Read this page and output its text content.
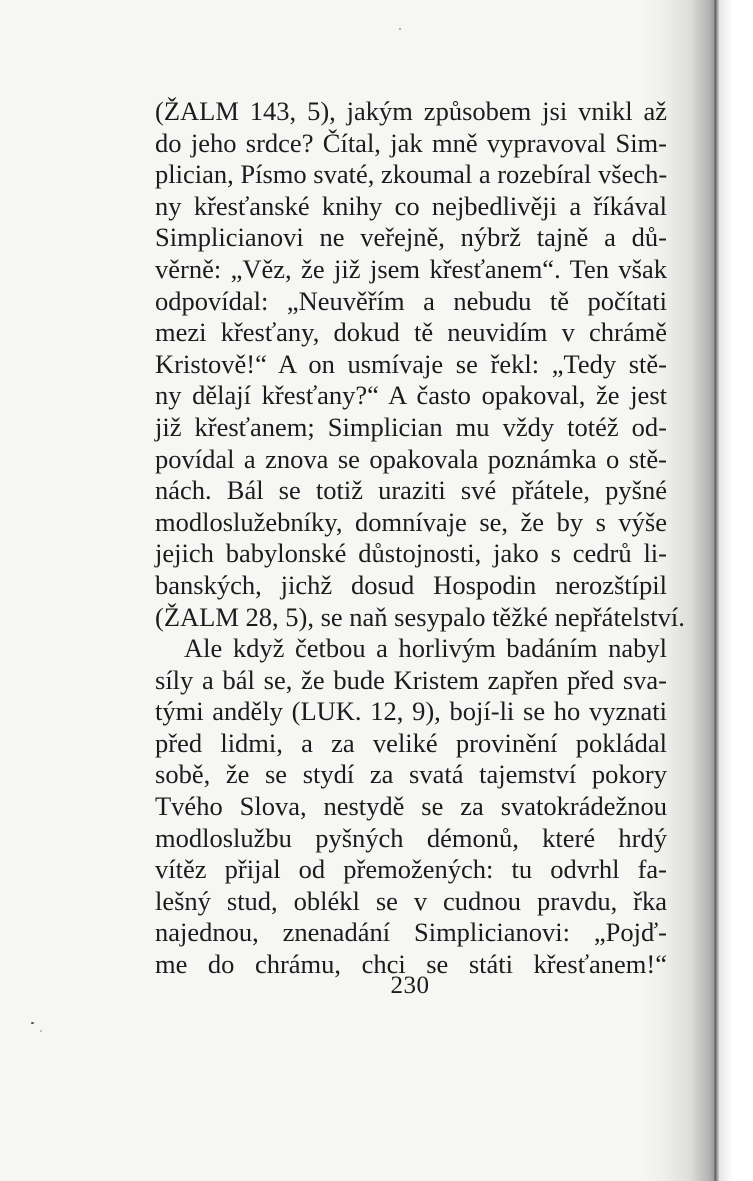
(ŽALM 143, 5), jakým způsobem jsi vnikl až
do jeho srdce? Čítal, jak mně vypravoval Sim-
plician, Písmo svaté, zkoumal a rozebíral všech-
ny křesťanské knihy co nejbedlivěji a říkával
Simplicianovi ne veřejně, nýbrž tajně a dů-
věrně: „Věz, že již jsem křesťanem“. Ten však
odpovídal: „Neuvěřím a nebudu tě počítati
mezi křesťany, dokud tě neuvidím v chrámě
Kristově!“ A on usmívaje se řekl: „Tedy stě-
ny dělají křesťany?“ A často opakoval, že jest
již křesťanem; Simplician mu vždy totéž od-
povídal a znova se opakovala poznámka o stě-
nách. Bál se totiž uraziti své přátele, pyšné
modloslužebníky, domnívaje se, že by s výše
jejich babylonské důstojnosti, jako s cedrů li-
banských, jichž dosud Hospodin nerozštípil
(ŽALM 28, 5), se naň sesypalo těžké nepřátelství.
Ale když četbou a horlivým badáním nabyl
síly a bál se, že bude Kristem zapřen před sva-
tými anděly (LUK. 12, 9), bojí-li se ho vyznati
před lidmi, a za veliké provinění pokládal
sobě, že se stydí za svatá tajemství pokory
Tvého Slova, nestydě se za svatokrádežnou
modloslužbu pyšných démonů, které hrdý
vítěz přijal od přemožených: tu odvrhl fa-
lešný stud, oblékl se v cudnou pravdu, řka
najednou, znenadání Simplicianovi: „Pojď-
me do chrámu, chci se státi křesťanem!“
230
